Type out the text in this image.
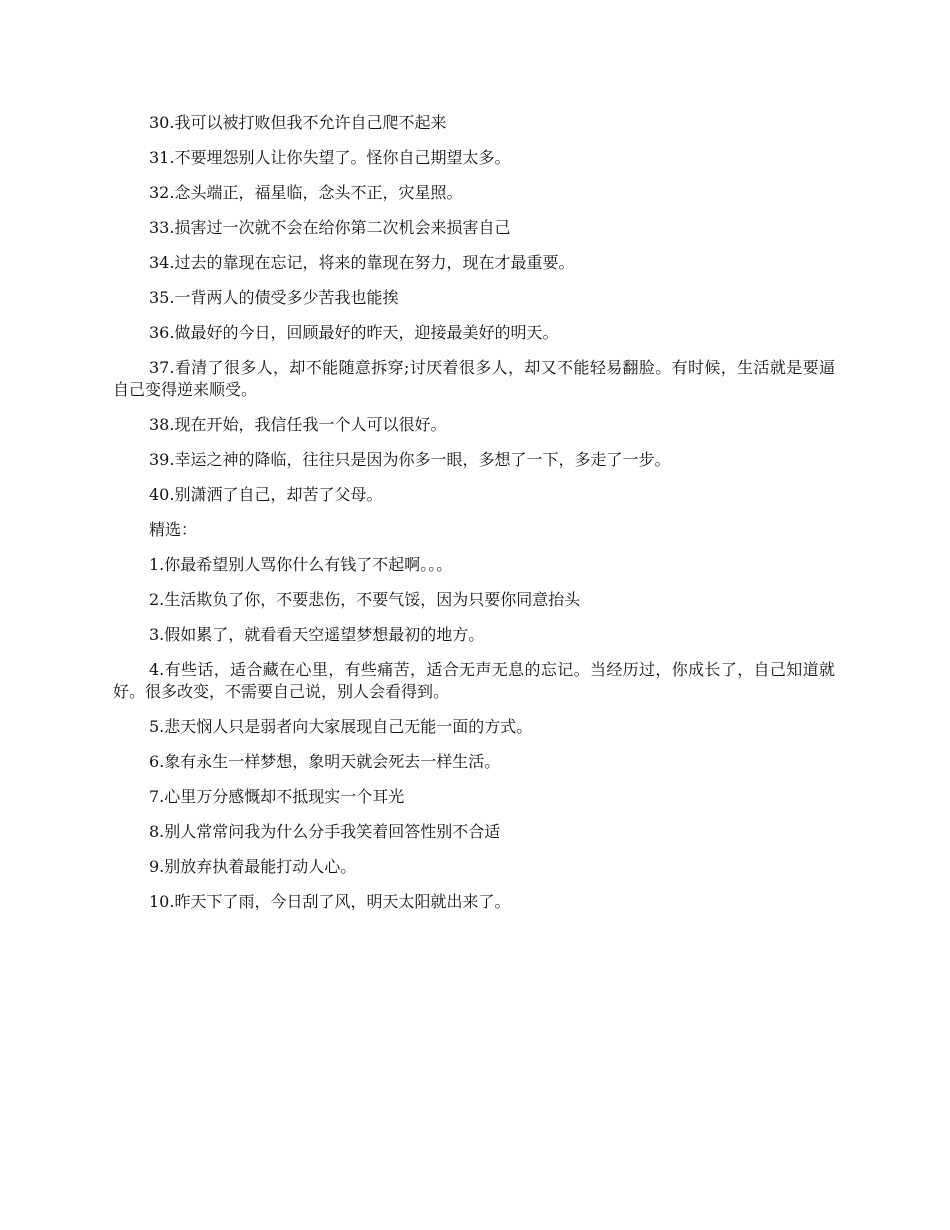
30.我可以被打败但我不允许自己爬不起来

31.不要埋怨别人让你失望了。怪你自己期望太多。

32.念头端正，福星临，念头不正，灾星照。

33.损害过一次就不会在给你第二次机会来损害自己

34.过去的靠现在忘记，将来的靠现在努力，现在才最重要。

35.一背两人的债受多少苦我也能挨

36.做最好的今日，回顾最好的昨天，迎接最美好的明天。

37.看清了很多人，却不能随意拆穿;讨厌着很多人，却又不能轻易翻脸。有时候，生活就是要逼自己变得逆来顺受。

38.现在开始，我信任我一个人可以很好。

39.幸运之神的降临，往往只是因为你多一眼，多想了一下，多走了一步。

40.别潇洒了自己，却苦了父母。

精选：

1.你最希望别人骂你什么有钱了不起啊。。。

2.生活欺负了你，不要悲伤，不要气馁，因为只要你同意抬头

3.假如累了，就看看天空遥望梦想最初的地方。

4.有些话，适合藏在心里，有些痛苦，适合无声无息的忘记。当经历过，你成长了，自己知道就好。很多改变，不需要自己说，别人会看得到。

5.悲天悯人只是弱者向大家展现自己无能一面的方式。

6.象有永生一样梦想，象明天就会死去一样生活。

7.心里万分感慨却不抵现实一个耳光

8.别人常常问我为什么分手我笑着回答性别不合适

9.别放弃执着最能打动人心。

10.昨天下了雨，今日刮了风，明天太阳就出来了。
